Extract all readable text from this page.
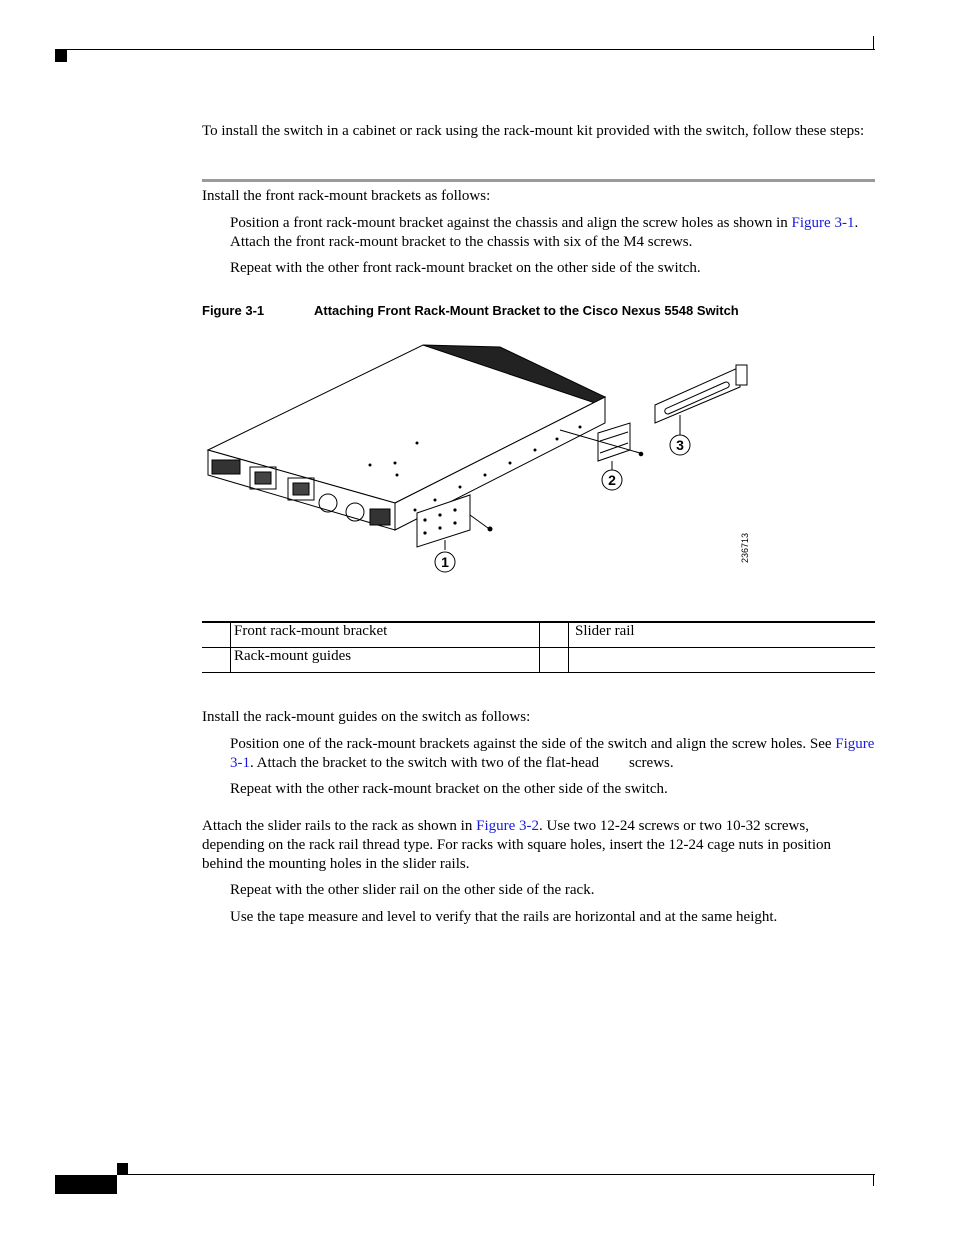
To install the switch in a cabinet or rack using the rack-mount kit provided with the switch, follow these steps:

Install the front rack-mount brackets as follows:

Position a front rack-mount bracket against the chassis and align the screw holes as shown in Figure 3-1. Attach the front rack-mount bracket to the chassis with six of the M4 screws.

Repeat with the other front rack-mount bracket on the other side of the switch.

Figure 3-1	Attaching Front Rack-Mount Bracket to the Cisco Nexus 5548 Switch
1
2
3
236713
	Front rack-mount bracket		Slider rail
	Rack-mount guides		

Install the rack-mount guides on the switch as follows:

Position one of the rack-mount brackets against the side of the switch and align the screw holes. See Figure 3-1. Attach the bracket to the switch with two of the flat-head        screws.

Repeat with the other rack-mount bracket on the other side of the switch.

Attach the slider rails to the rack as shown in Figure 3-2. Use two 12-24 screws or two 10-32 screws, depending on the rack rail thread type. For racks with square holes, insert the 12-24 cage nuts in position behind the mounting holes in the slider rails.

Repeat with the other slider rail on the other side of the rack.

Use the tape measure and level to verify that the rails are horizontal and at the same height.
